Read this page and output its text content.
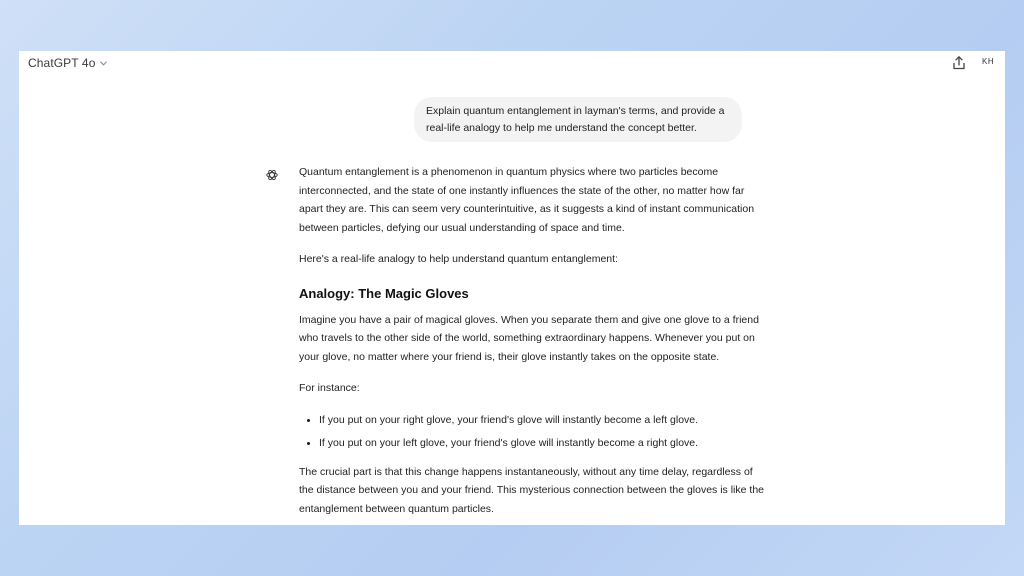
ChatGPT 4o	KH
Explain quantum entanglement in layman's terms, and provide a real-life analogy to help me understand the concept better.

Quantum entanglement is a phenomenon in quantum physics where two particles become interconnected, and the state of one instantly influences the state of the other, no matter how far apart they are. This can seem very counterintuitive, as it suggests a kind of instant communication between particles, defying our usual understanding of space and time.

Here's a real-life analogy to help understand quantum entanglement:

Analogy: The Magic Gloves

Imagine you have a pair of magical gloves. When you separate them and give one glove to a friend who travels to the other side of the world, something extraordinary happens. Whenever you put on your glove, no matter where your friend is, their glove instantly takes on the opposite state.

For instance:

• If you put on your right glove, your friend's glove will instantly become a left glove.
• If you put on your left glove, your friend's glove will instantly become a right glove.

The crucial part is that this change happens instantaneously, without any time delay, regardless of the distance between you and your friend. This mysterious connection between the gloves is like the entanglement between quantum particles.
